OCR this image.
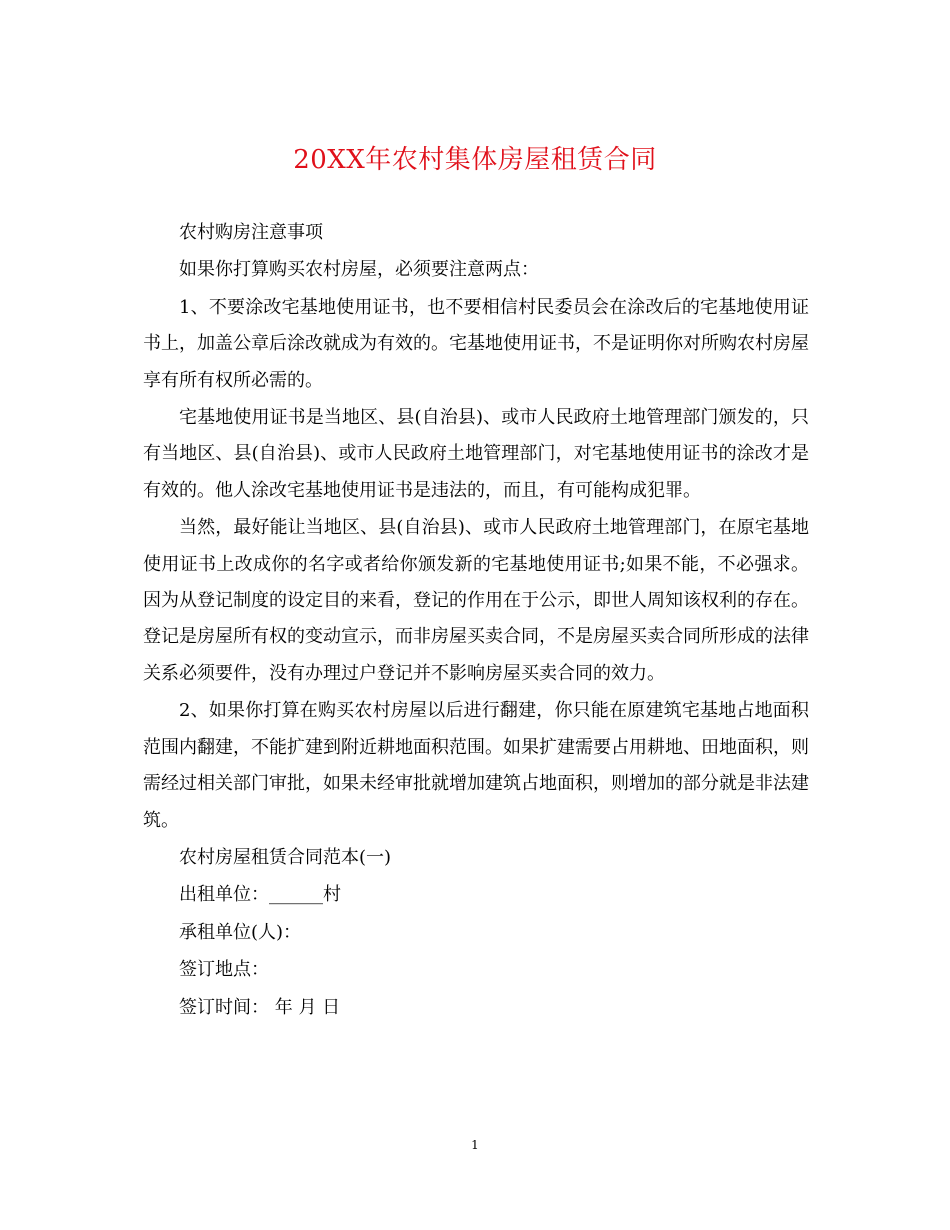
20XX年农村集体房屋租赁合同

农村购房注意事项

如果你打算购买农村房屋，必须要注意两点：

1、不要涂改宅基地使用证书，也不要相信村民委员会在涂改后的宅基地使用证书上，加盖公章后涂改就成为有效的。宅基地使用证书，不是证明你对所购农村房屋享有所有权所必需的。

宅基地使用证书是当地区、县(自治县)、或市人民政府土地管理部门颁发的，只有当地区、县(自治县)、或市人民政府土地管理部门，对宅基地使用证书的涂改才是有效的。他人涂改宅基地使用证书是违法的，而且，有可能构成犯罪。

当然，最好能让当地区、县(自治县)、或市人民政府土地管理部门，在原宅基地使用证书上改成你的名字或者给你颁发新的宅基地使用证书;如果不能，不必强求。因为从登记制度的设定目的来看，登记的作用在于公示，即世人周知该权利的存在。登记是房屋所有权的变动宣示，而非房屋买卖合同，不是房屋买卖合同所形成的法律关系必须要件，没有办理过户登记并不影响房屋买卖合同的效力。

2、如果你打算在购买农村房屋以后进行翻建，你只能在原建筑宅基地占地面积范围内翻建，不能扩建到附近耕地面积范围。如果扩建需要占用耕地、田地面积，则需经过相关部门审批，如果未经审批就增加建筑占地面积，则增加的部分就是非法建筑。

农村房屋租赁合同范本(一)

出租单位：______村

承租单位(人)：

签订地点：

签订时间： 年 月 日

1
